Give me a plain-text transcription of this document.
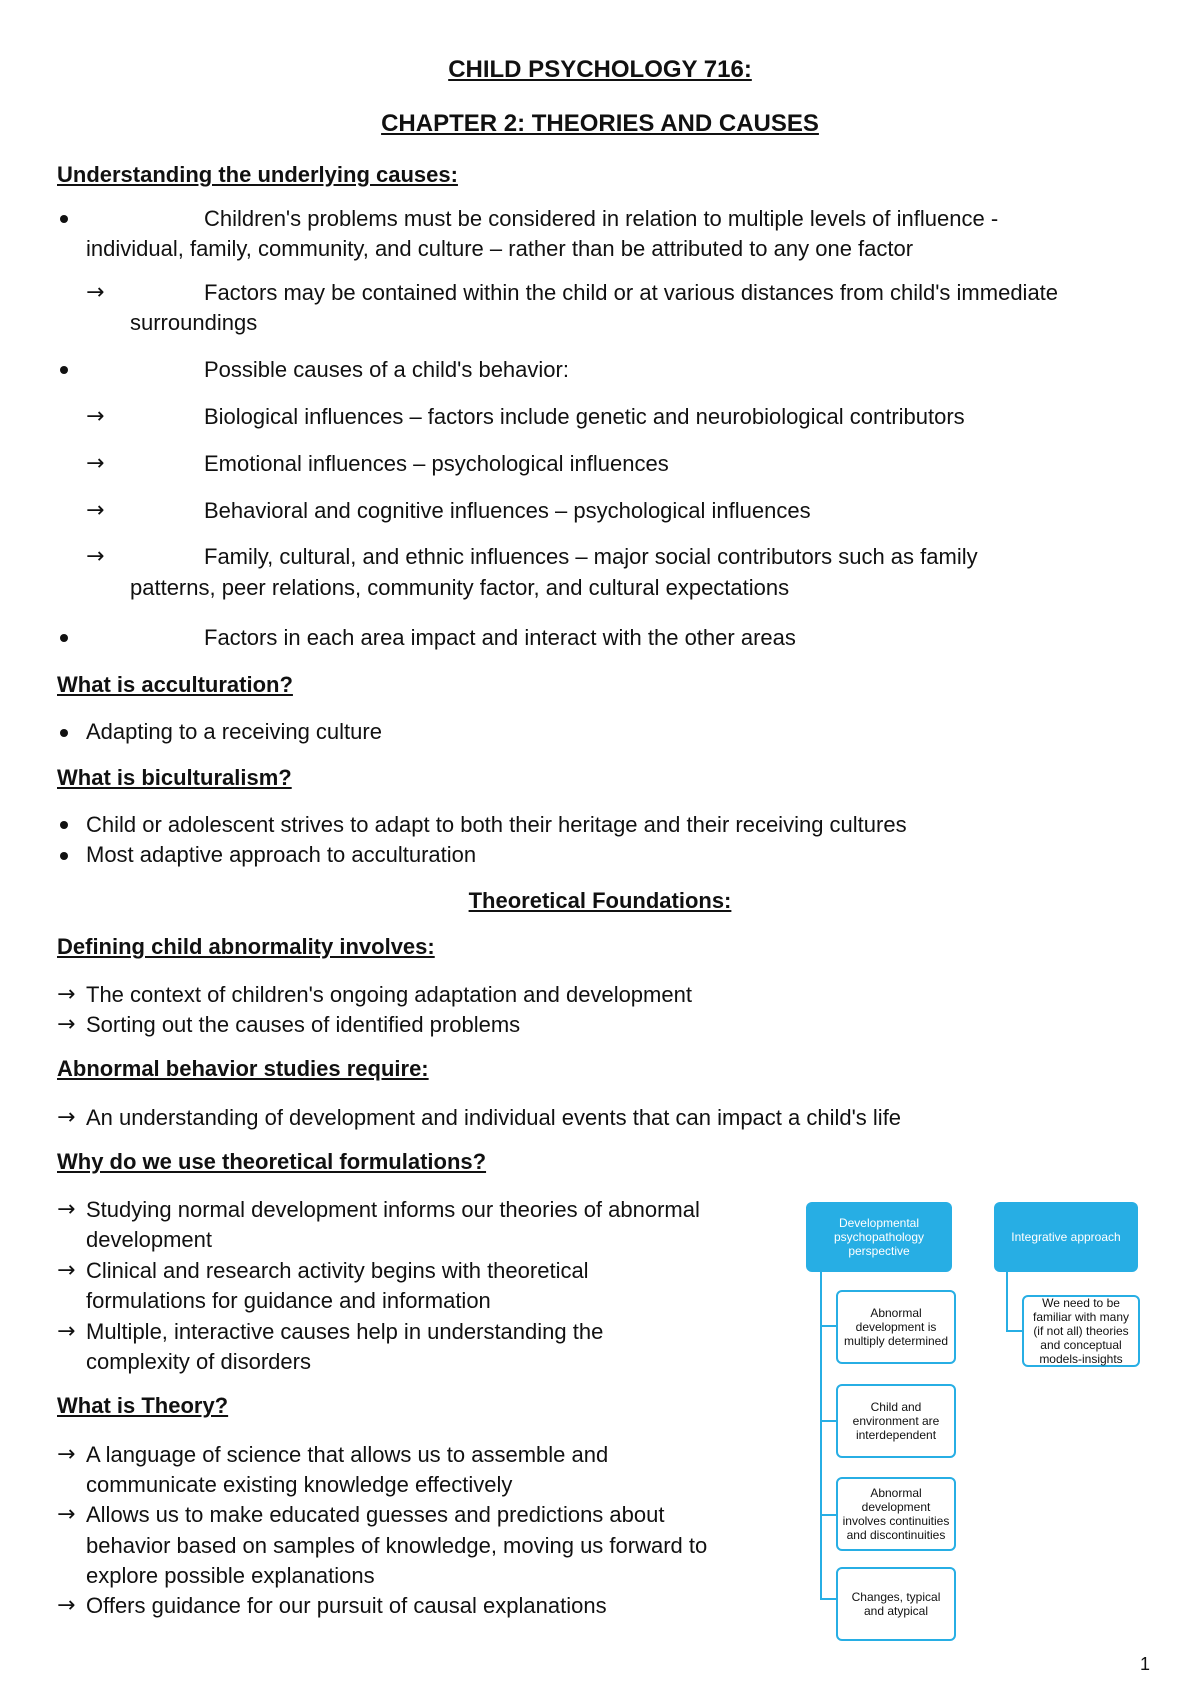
CHILD PSYCHOLOGY 716:
CHAPTER 2: THEORIES AND CAUSES
Understanding the underlying causes:
Children's problems must be considered in relation to multiple levels of influence -
individual, family, community, and culture – rather than be attributed to any one factor
→	Factors may be contained within the child or at various distances from child's immediate
surroundings
Possible causes of a child's behavior:
→	Biological influences – factors include genetic and neurobiological contributors
→	Emotional influences – psychological influences
→	Behavioral and cognitive influences – psychological influences
→	Family, cultural, and ethnic influences – major social contributors such as family
patterns, peer relations, community factor, and cultural expectations
Factors in each area impact and interact with the other areas
What is acculturation?
Adapting to a receiving culture
What is biculturalism?
Child or adolescent strives to adapt to both their heritage and their receiving cultures
Most adaptive approach to acculturation
Theoretical Foundations:
Defining child abnormality involves:
→ The context of children's ongoing adaptation and development
→ Sorting out the causes of identified problems
Abnormal behavior studies require:
→ An understanding of development and individual events that can impact a child's life
Why do we use theoretical formulations?
→ Studying normal development informs our theories of abnormal
development
→ Clinical and research activity begins with theoretical
formulations for guidance and information
→ Multiple, interactive causes help in understanding the
complexity of disorders
What is Theory?
→ A language of science that allows us to assemble and
communicate existing knowledge effectively
→ Allows us to make educated guesses and predictions about
behavior based on samples of knowledge, moving us forward to
explore possible explanations
→ Offers guidance for our pursuit of causal explanations
Developmental psychopathology perspective
Abnormal development is multiply determined
Child and environment are interdependent
Abnormal development involves continuities and discontinuities
Changes, typical and atypical
Integrative approach
We need to be familiar with many (if not all) theories and conceptual models-insights
1
